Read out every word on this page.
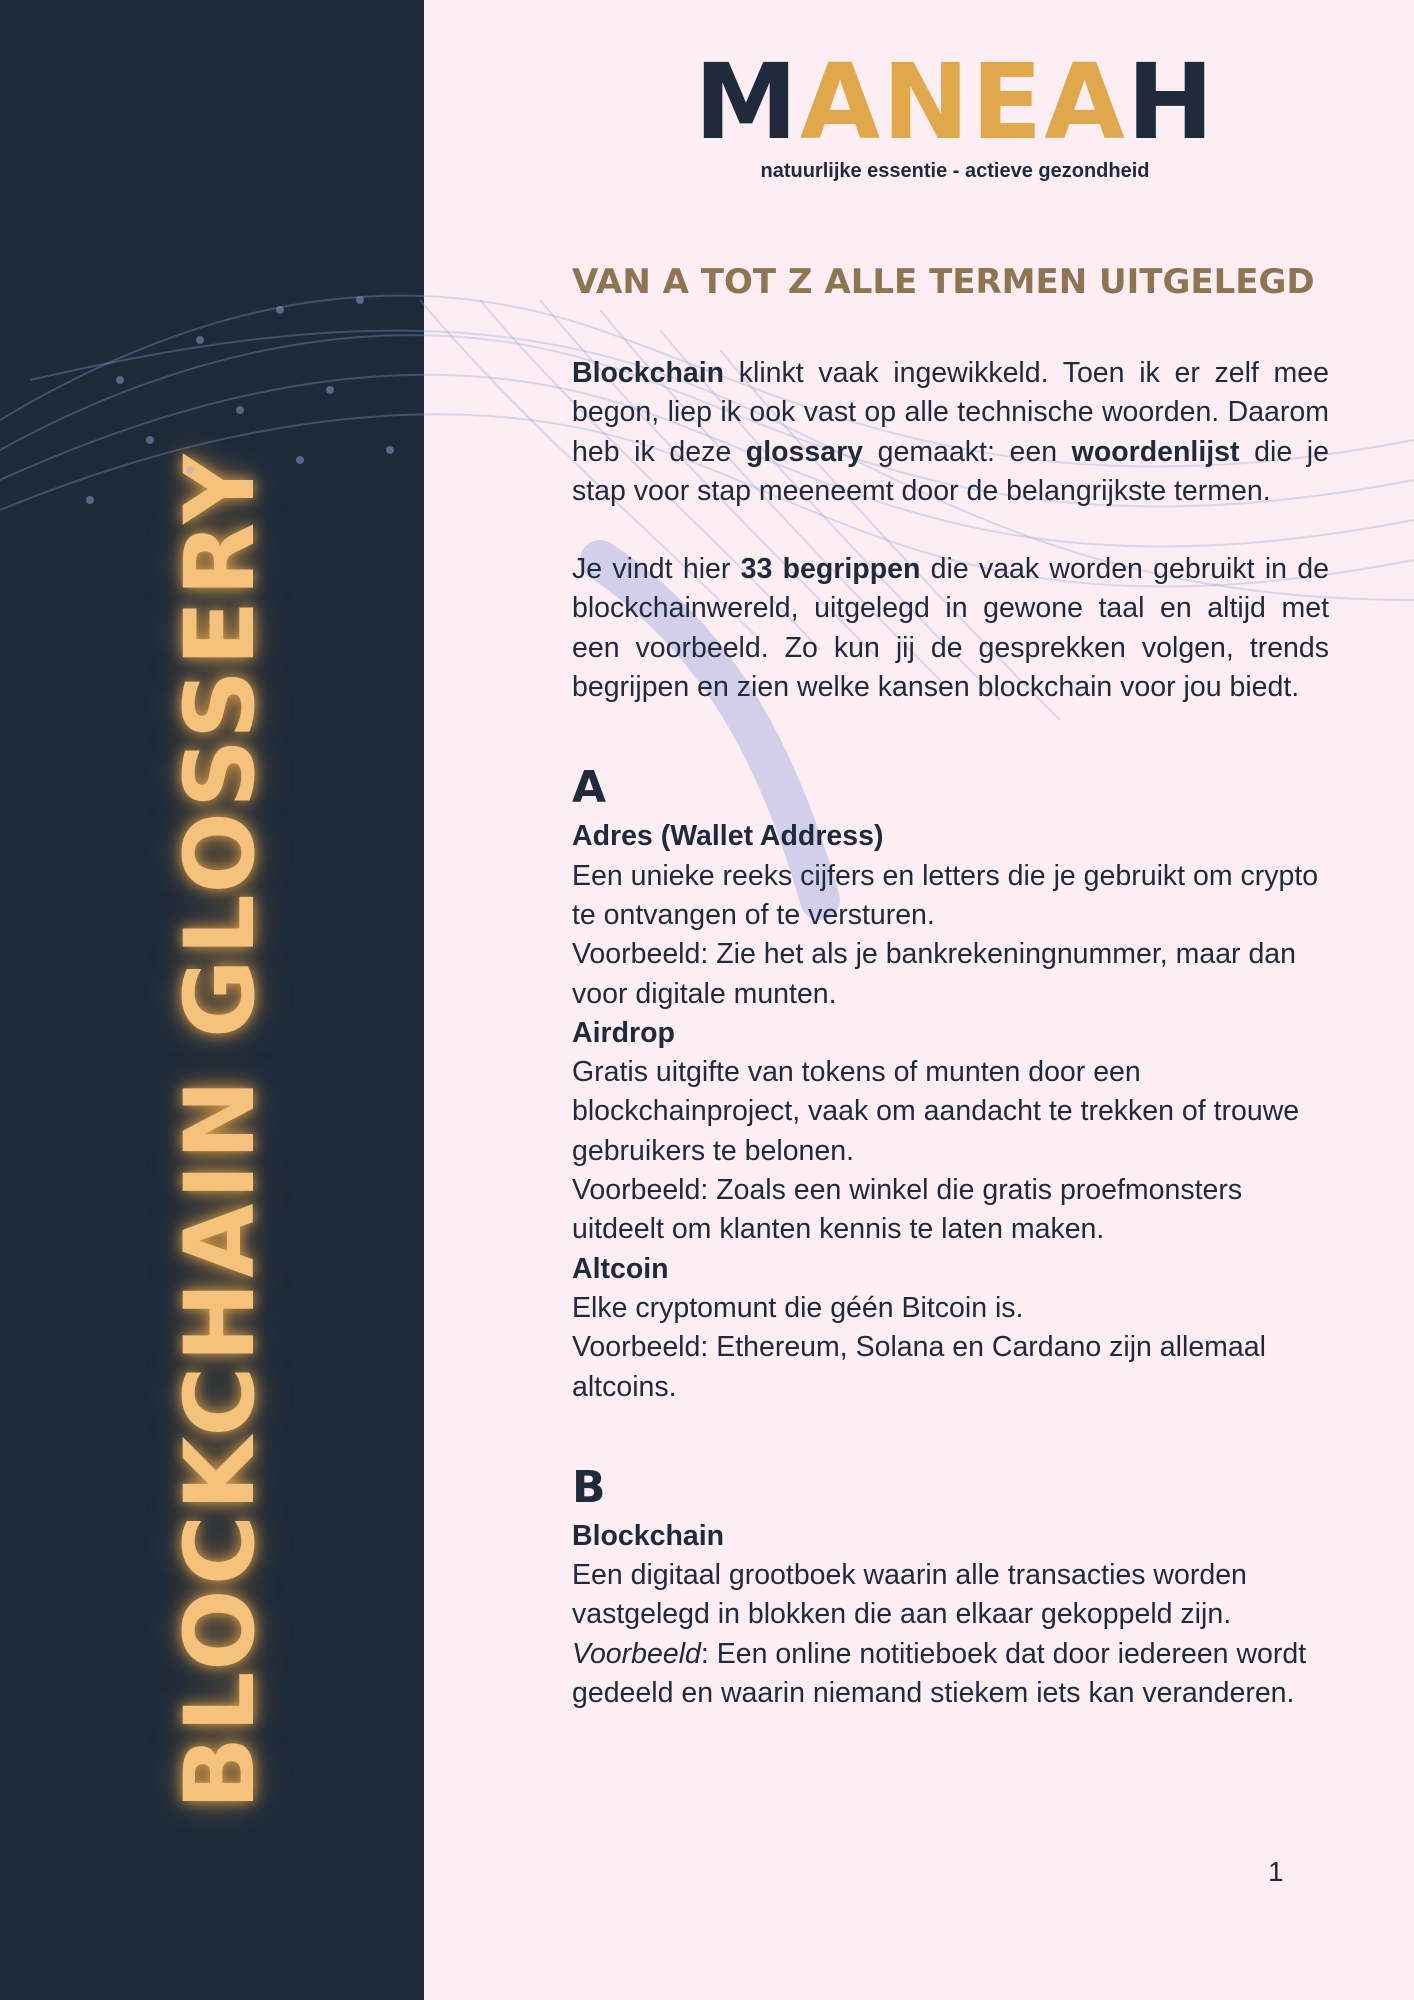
BLOCKCHAIN GLOSSERY
MANEAH
natuurlijke essentie - actieve gezondheid
VAN A TOT Z ALLE TERMEN UITGELEGD

Blockchain klinkt vaak ingewikkeld. Toen ik er zelf mee begon, liep ik ook vast op alle technische woorden. Daarom heb ik deze glossary gemaakt: een woordenlijst die je stap voor stap meeneemt door de belangrijkste termen.

Je vindt hier 33 begrippen die vaak worden gebruikt in de blockchainwereld, uitgelegd in gewone taal en altijd met een voorbeeld. Zo kun jij de gesprekken volgen, trends begrijpen en zien welke kansen blockchain voor jou biedt.

A

Adres (Wallet Address)

Een unieke reeks cijfers en letters die je gebruikt om crypto te ontvangen of te versturen.

Voorbeeld: Zie het als je bankrekeningnummer, maar dan voor digitale munten.

Airdrop

Gratis uitgifte van tokens of munten door een blockchainproject, vaak om aandacht te trekken of trouwe gebruikers te belonen.

Voorbeeld: Zoals een winkel die gratis proefmonsters uitdeelt om klanten kennis te laten maken.

Altcoin

Elke cryptomunt die géén Bitcoin is.

Voorbeeld: Ethereum, Solana en Cardano zijn allemaal altcoins.

B

Blockchain

Een digitaal grootboek waarin alle transacties worden vastgelegd in blokken die aan elkaar gekoppeld zijn.

Voorbeeld: Een online notitieboek dat door iedereen wordt gedeeld en waarin niemand stiekem iets kan veranderen.

1
